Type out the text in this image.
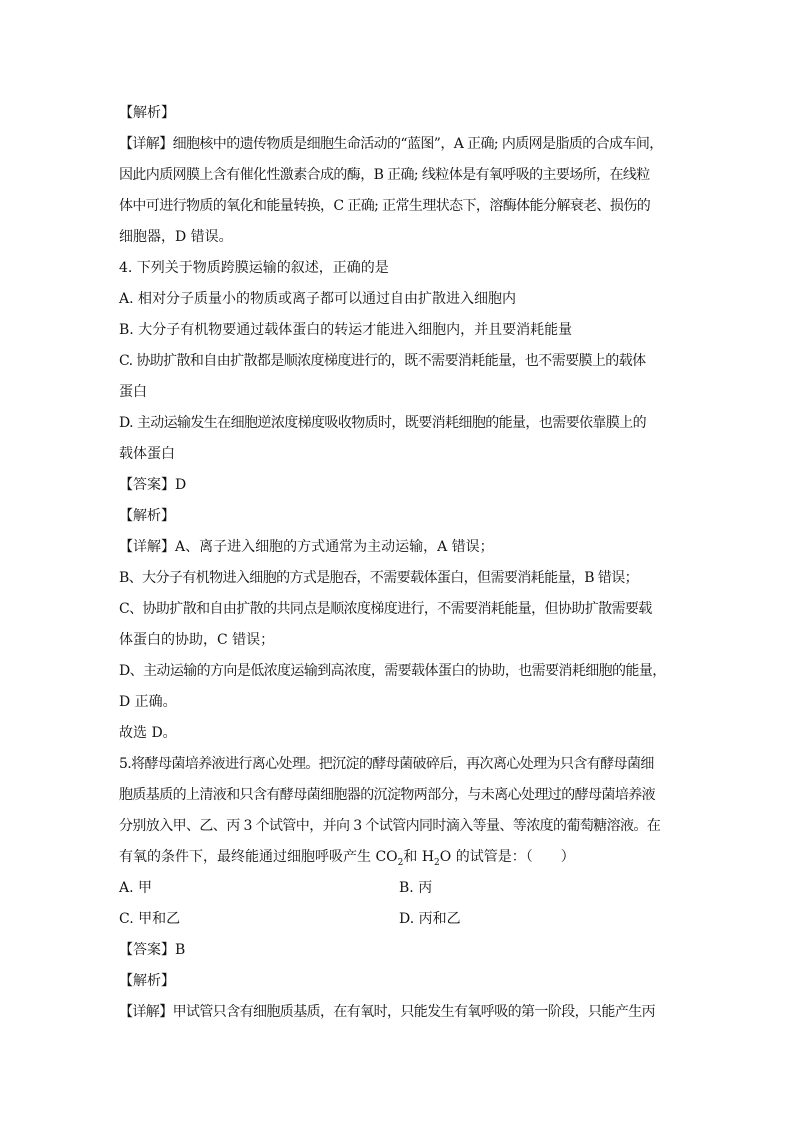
【解析】
【详解】细胞核中的遗传物质是细胞生命活动的“蓝图”，A 正确; 内质网是脂质的合成车间，
因此内质网膜上含有催化性激素合成的酶，B 正确; 线粒体是有氧呼吸的主要场所，在线粒
体中可进行物质的氧化和能量转换，C 正确; 正常生理状态下，溶酶体能分解衰老、损伤的
细胞器，D 错误。
4. 下列关于物质跨膜运输的叙述，正确的是
A. 相对分子质量小的物质或离子都可以通过自由扩散进入细胞内
B. 大分子有机物要通过载体蛋白的转运才能进入细胞内，并且要消耗能量
C. 协助扩散和自由扩散都是顺浓度梯度进行的，既不需要消耗能量，也不需要膜上的载体
蛋白
D. 主动运输发生在细胞逆浓度梯度吸收物质时，既要消耗细胞的能量，也需要依靠膜上的
载体蛋白
【答案】D
【解析】
【详解】A、离子进入细胞的方式通常为主动运输，A 错误；
B、大分子有机物进入细胞的方式是胞吞，不需要载体蛋白，但需要消耗能量，B 错误；
C、协助扩散和自由扩散的共同点是顺浓度梯度进行，不需要消耗能量，但协助扩散需要载
体蛋白的协助，C 错误；
D、主动运输的方向是低浓度运输到高浓度，需要载体蛋白的协助，也需要消耗细胞的能量，
D 正确。
故选 D。
5.将酵母菌培养液进行离心处理。把沉淀的酵母菌破碎后，再次离心处理为只含有酵母菌细
胞质基质的上清液和只含有酵母菌细胞器的沉淀物两部分，与未离心处理过的酵母菌培养液
分别放入甲、乙、丙 3 个试管中，并向 3 个试管内同时滴入等量、等浓度的葡萄糖溶液。在
有氧的条件下，最终能通过细胞呼吸产生 $CO_2$和 $H_2O$ 的试管是：（　　）
A. 甲	B. 丙
C. 甲和乙	D. 丙和乙
【答案】B
【解析】
【详解】甲试管只含有细胞质基质，在有氧时，只能发生有氧呼吸的第一阶段，只能产生丙
